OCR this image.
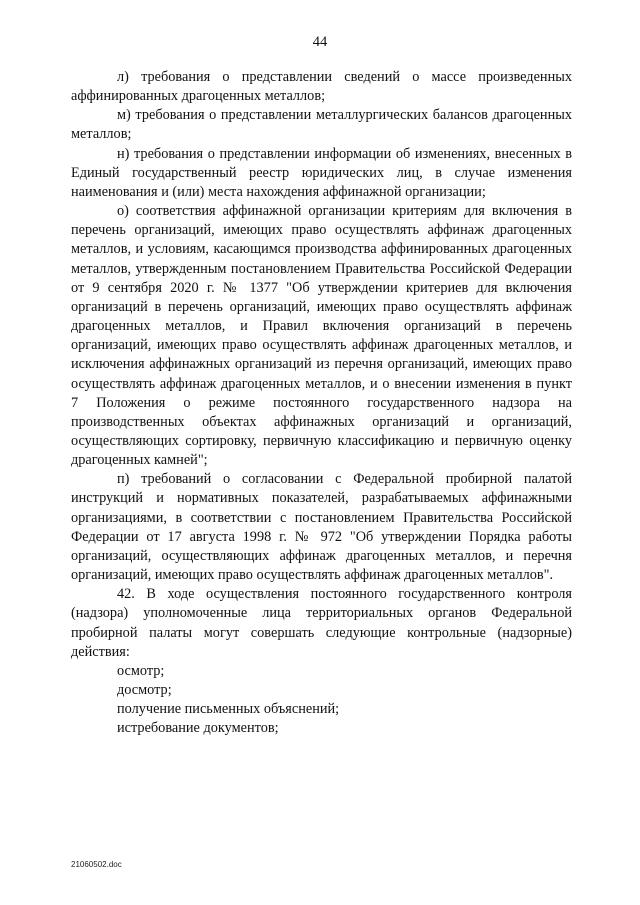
44

л) требования о представлении сведений о массе произведенных аффинированных драгоценных металлов;

м) требования о представлении металлургических балансов драгоценных металлов;

н) требования о представлении информации об изменениях, внесенных в Единый государственный реестр юридических лиц, в случае изменения наименования и (или) места нахождения аффинажной организации;

о) соответствия аффинажной организации критериям для включения в перечень организаций, имеющих право осуществлять аффинаж драгоценных металлов, и условиям, касающимся производства аффинированных драгоценных металлов, утвержденным постановлением Правительства Российской Федерации от 9 сентября 2020 г. № 1377 "Об утверждении критериев для включения организаций в перечень организаций, имеющих право осуществлять аффинаж драгоценных металлов, и Правил включения организаций в перечень организаций, имеющих право осуществлять аффинаж драгоценных металлов, и исключения аффинажных организаций из перечня организаций, имеющих право осуществлять аффинаж драгоценных металлов, и о внесении изменения в пункт 7 Положения о режиме постоянного государственного надзора на производственных объектах аффинажных организаций и организаций, осуществляющих сортировку, первичную классификацию и первичную оценку драгоценных камней";

п) требований о согласовании с Федеральной пробирной палатой инструкций и нормативных показателей, разрабатываемых аффинажными организациями, в соответствии с постановлением Правительства Российской Федерации от 17 августа 1998 г. № 972 "Об утверждении Порядка работы организаций, осуществляющих аффинаж драгоценных металлов, и перечня организаций, имеющих право осуществлять аффинаж драгоценных металлов".

42. В ходе осуществления постоянного государственного контроля (надзора) уполномоченные лица территориальных органов Федеральной пробирной палаты могут совершать следующие контрольные (надзорные) действия:

осмотр;

досмотр;

получение письменных объяснений;

истребование документов;

21060502.doc
